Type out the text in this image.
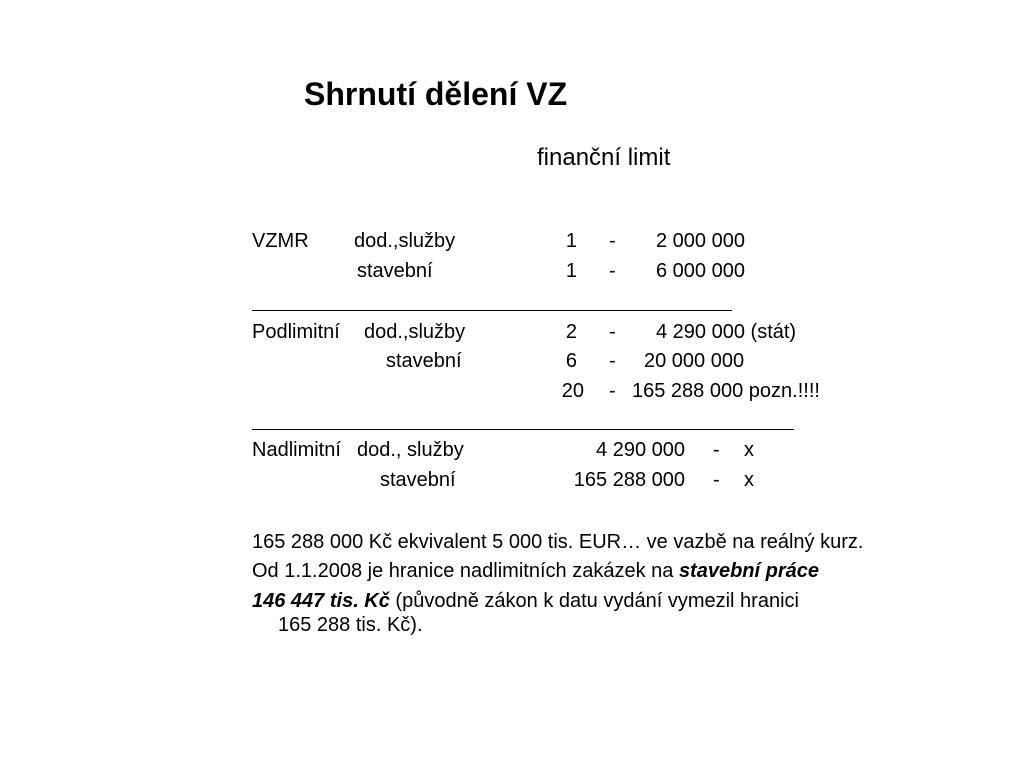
Shrnutí dělení VZ
finanční limit
VZMR dod.,služby	1 - 2 000 000
stavební	1 - 6 000 000
Podlimitní dod.,služby	2 - 4 290 000 (stát)
stavební	6 - 20 000 000
20 - 165 288 000 pozn.!!!!
Nadlimitní dod., služby	4 290 000 - x
stavební	165 288 000 - x
165 288 000 Kč ekvivalent 5 000 tis. EUR… ve vazbě na reálný kurz.
Od 1.1.2008 je hranice nadlimitních zakázek na stavební práce
146 447 tis. Kč (původně zákon k datu vydání vymezil hranici
165 288 tis. Kč).
